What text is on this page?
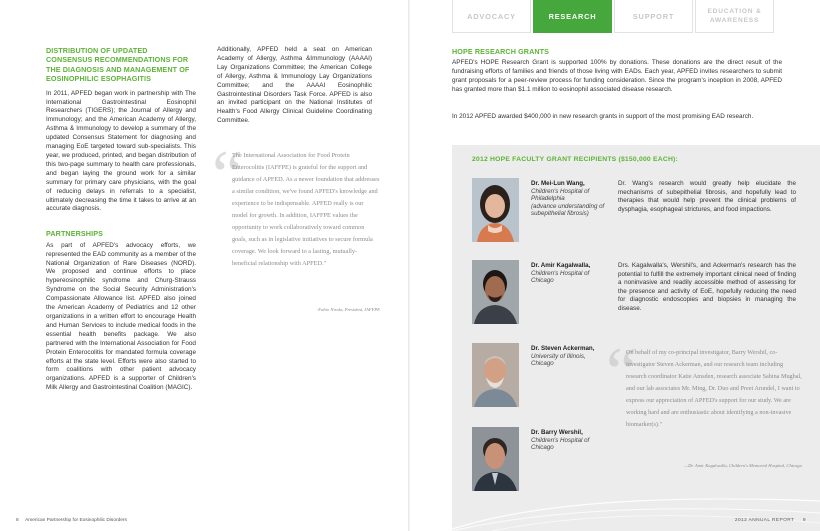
DISTRIBUTION OF UPDATED CONSENSUS RECOMMENDATIONS FOR THE DIAGNOSIS AND MANAGEMENT OF EOSINOPHILIC ESOPHAGITIS

In 2011, APFED began work in partnership with The International Gastrointestinal Eosinophil Researchers (TIGERS); the Journal of Allergy and Immunology; and the American Academy of Allergy, Asthma & Immunology to develop a summary of the updated Consensus Statement for diagnosing and managing EoE targeted toward sub-specialists. This year, we produced, printed, and began distribution of this two-page summary to health care professionals, and began laying the ground work for a similar summary for primary care physicians, with the goal of reducing delays in referrals to a specialist, ultimately decreasing the time it takes to arrive at an accurate diagnosis.

PARTNERSHIPS

As part of APFED's advocacy efforts, we represented the EAD community as a member of the National Organization of Rare Diseases (NORD). We proposed and continue efforts to place hypereosinophilic syndrome and Churg-Strauss Syndrome on the Social Security Administration's Compassionate Allowance list. APFED also joined the American Academy of Pediatrics and 12 other organizations in a written effort to encourage Health and Human Services to include medical foods in the essential health benefits package. We also partnered with the International Association for Food Protein Enterocolitis for mandated formula coverage efforts at the state level. Efforts were also started to form coalitions with other patient advocacy organizations. APFED is a supporter of Children's Milk Allergy and Gastrointestinal Coalition (MAGIC).

Additionally, APFED held a seat on American Academy of Allergy, Asthma &Immunology (AAAAI) Lay Organizations Committee; the American College of Allergy, Asthma & Immunology Lay Organizations Committee; and the AAAAI Eosinophilic Gastrointestinal Disorders Task Force. APFED is also an invited participant on the National Institutes of Health's Food Allergy Clinical Guideline Coordinating Committee.

“

The International Association for Food Protein Enterocolitis (IAFFPE) is grateful for the support and guidance of APFED. As a newer foundation that addresses a similar condition, we've found APFED's knowledge and experience to be indispensable. APFED really is our model for growth. In addition, IAFFPE values the opportunity to work collaboratively toward common goals, such as in legislative initiatives to secure formula coverage. We look forward to a lasting, mutually-beneficial relationship with APFED."

-Fabio Nirula, President, IAFFPE
8 American Partnership for Eosinophilic Disorders
ADVOCACY	RESEARCH	SUPPORT	EDUCATION & AWARENESS
HOPE RESEARCH GRANTS

APFED's HOPE Research Grant is supported 100% by donations. These donations are the direct result of the fundraising efforts of families and friends of those living with EADs. Each year, APFED invites researchers to submit grant proposals for a peer-review process for funding consideration. Since the program's inception in 2008, APFED has granted more than $1.1 million to eosinophil associated disease research.

In 2012 APFED awarded $400,000 in new research grants in support of the most promising EAD research.

2012 HOPE FACULTY GRANT RECIPIENTS ($150,000 EACH):
Dr. Mei-Lun Wang,
Children's Hospital of Philadelphia
(advance understanding of subepithelial fibrosis)

Dr. Wang's research would greatly help elucidate the mechanisms of subepithelial fibrosis, and hopefully lead to therapies that would help prevent the clinical problems of dysphagia, esophageal strictures, and food impactions.

Dr. Amir Kagalwalla,
Children's Hospital of Chicago

Drs. Kagalwalla's, Wershil's, and Ackerman's research has the potential to fulfill the extremely important clinical need of finding a noninvasive and readily accessible method of assessing for the presence and activity of EoE, hopefully reducing the need for diagnostic endoscopies and biopsies in managing the disease.

Dr. Steven Ackerman,
University of Illinois, Chicago
Dr. Barry Wershil,
Children's Hospital of Chicago
“

On behalf of my co-principal investigator, Barry Wershil, co-investigator Steven Ackerman, and our research team including research coordinator Katie Amsden, research associate Sabina Mughal, and our lab associates Mr. Ming, Dr. Duo and Preet Arundel, I want to express our appreciation of APFED's support for our study. We are working hard and are enthusiastic about identifying a non-invasive biomarker(s)."

—Dr. Amir Kagalwalla, Children's Memorial Hospital, Chicago
2012 ANNUAL REPORT 9
